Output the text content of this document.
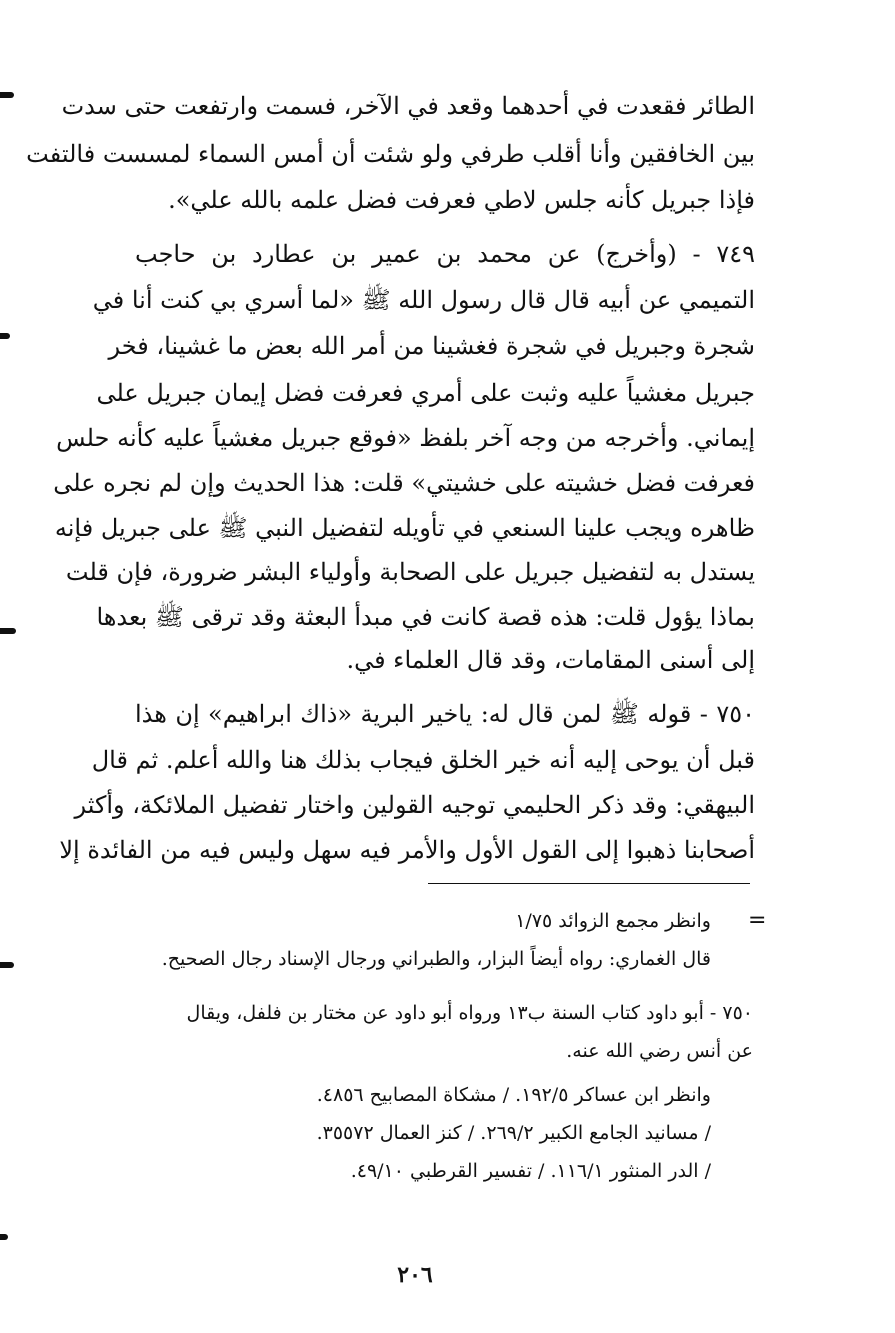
الطائر فقعدت في أحدهما وقعد في الآخر، فسمت وارتفعت حتى سدت
بين الخافقين وأنا أقلب طرفي ولو شئت أن أمس السماء لمسست فالتفت
فإذا جبريل كأنه جلس لاطي فعرفت فضل علمه بالله علي».
٧٤٩ - (وأخرج) عن محمد بن عمير بن عطارد بن حاجب
التميمي عن أبيه قال قال رسول الله ﷺ «لما أسري بي كنت أنا في
شجرة وجبريل في شجرة فغشينا من أمر الله بعض ما غشينا، فخر
جبريل مغشياً عليه وثبت على أمري فعرفت فضل إيمان جبريل على
إيماني. وأخرجه من وجه آخر بلفظ «فوقع جبريل مغشياً عليه كأنه حلس
فعرفت فضل خشيته على خشيتي» قلت: هذا الحديث وإن لم نجره على
ظاهره ويجب علينا السنعي في تأويله لتفضيل النبي ﷺ على جبريل فإنه
يستدل به لتفضيل جبريل على الصحابة وأولياء البشر ضرورة، فإن قلت
بماذا يؤول قلت: هذه قصة كانت في مبدأ البعثة وقد ترقى ﷺ بعدها
إلى أسنى المقامات، وقد قال العلماء في.
٧٥٠ - قوله ﷺ لمن قال له: ياخير البرية «ذاك ابراهيم» إن هذا
قبل أن يوحى إليه أنه خير الخلق فيجاب بذلك هنا والله أعلم. ثم قال
البيهقي: وقد ذكر الحليمي توجيه القولين واختار تفضيل الملائكة، وأكثر
أصحابنا ذهبوا إلى القول الأول والأمر فيه سهل وليس فيه من الفائدة إلا
=
وانظر مجمع الزوائد ١/٧٥
قال الغماري: رواه أيضاً البزار، والطبراني ورجال الإسناد رجال الصحيح.
٧٥٠ - أبو داود كتاب السنة ب١٣ ورواه أبو داود عن مختار بن فلفل، ويقال
عن أنس رضي الله عنه.
وانظر ابن عساكر ١٩٢/٥. / مشكاة المصابيح ٤٨٥٦.
/ مسانيد الجامع الكبير ٢٦٩/٢. / كنز العمال ٣٥٥٧٢.
/ الدر المنثور ١١٦/١. / تفسير القرطبي ٤٩/١٠.
٢٠٦
